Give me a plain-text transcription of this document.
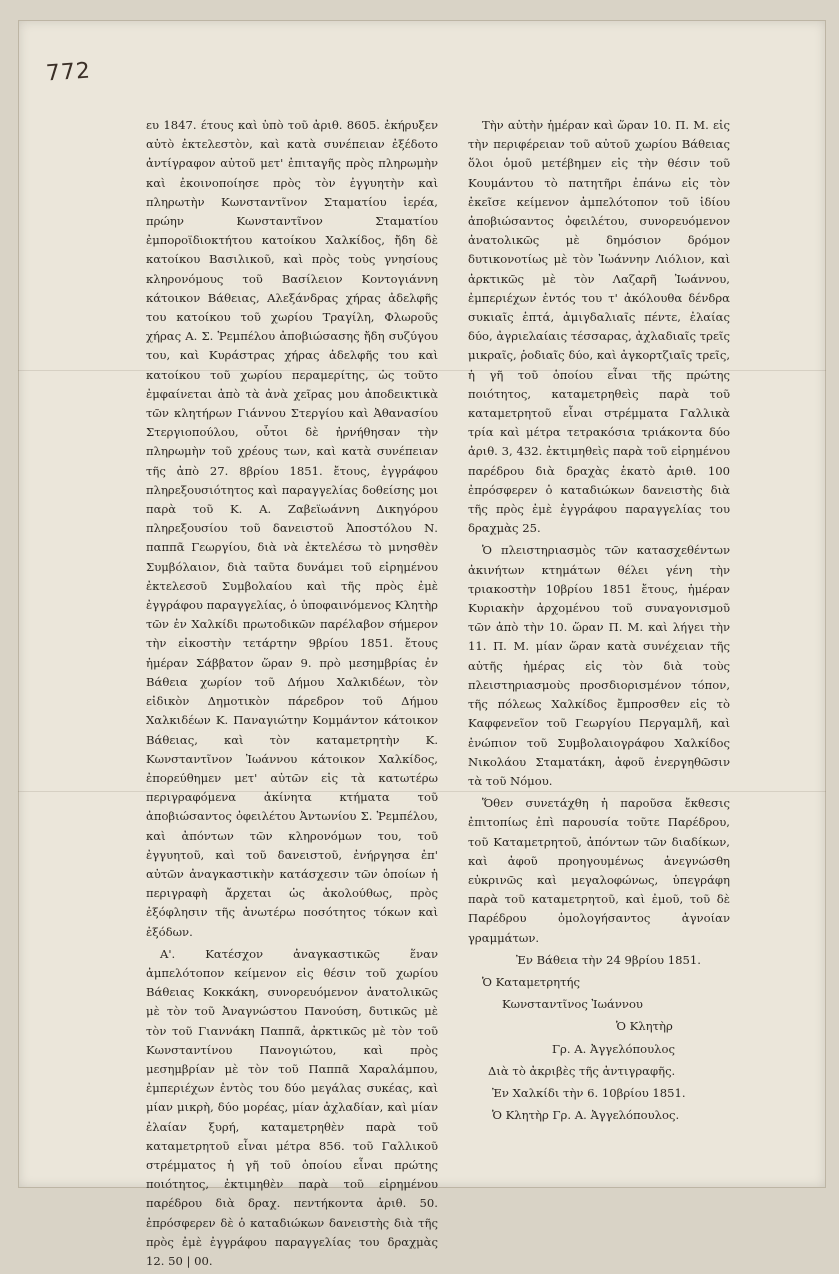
772

ευ 1847. έτους καὶ ὑπὸ τοῦ ἀριθ. 8605. ἐκήρυξεν αὐτὸ ἐκτελεστὸν, καὶ κατὰ συνέπειαν ἐξέδοτο ἀντίγραφον αὐτοῦ μετ' ἐπιταγῆς πρὸς πληρωμὴν καὶ ἐκοινοποίησε πρὸς τὸν ἐγγυητὴν καὶ πληρωτὴν Κωνσταντῖνον Σταματίου ἱερέα, πρώην Κωνσταντῖνον Σταματίου ἐμποροϊδιοκτήτου κατοίκου Χαλκίδος, ἤδη δὲ κατοίκου Βασιλικοῦ, καὶ πρὸς τοὺς γνησίους κληρονόμους τοῦ Βασίλειον Κοντογιάννη κάτοικον Βάθειας, Αλεξάνδρας χήρας ἀδελφῆς του κατοίκου τοῦ χωρίου Τραγίλη, Φλωροῦς χήρας Α. Σ. Ῥεμπέλου ἀποβιώσασης ἤδη συζύγου του, καὶ Κυράστρας χήρας ἀδελφῆς του καὶ κατοίκου τοῦ χωρίου περαμερίτης, ὡς τοῦτο ἐμφαίνεται ἀπὸ τὰ ἀνὰ χεῖρας μου ἀποδεικτικὰ τῶν κλητήρων Γιάννου Στεργίου καὶ Ἀθανασίου Στεργιοπούλου, οὗτοι δὲ ἠρνήθησαν τὴν πληρωμὴν τοῦ χρέους των, καὶ κατὰ συνέπειαν τῆς ἀπὸ 27. 8βρίου 1851. ἔτους, ἐγγράφου πληρεξουσιότητος καὶ παραγγελίας δοθείσης μοι παρὰ τοῦ Κ. Α. Ζαβεϊωάννη Δικηγόρου πληρεξουσίου τοῦ δανειστοῦ Ἀποστόλου Ν. παππᾶ Γεωργίου, διὰ νὰ ἐκτελέσω τὸ μνησθὲν Συμβόλαιον, διὰ ταῦτα δυνάμει τοῦ εἰρημένου ἐκτελεσοῦ Συμβολαίου καὶ τῆς πρὸς ἐμὲ ἐγγράφου παραγγελίας, ὁ ὑποφαινόμενος Κλητὴρ τῶν ἐν Χαλκίδι πρωτοδικῶν παρέλαβον σήμερον τὴν εἰκοστὴν τετάρτην 9βρίου 1851. ἔτους ἡμέραν Σάββατον ὥραν 9. πρὸ μεσημβρίας ἐν Βάθεια χωρίον τοῦ Δήμου Χαλκιδέων, τὸν εἰδικὸν Δημοτικὸν πάρεδρον τοῦ Δήμου Χαλκιδέων Κ. Παναγιώτην Κομμάντον κάτοικον Βάθειας, καὶ τὸν καταμετρητὴν Κ. Κωνσταντῖνον Ἰωάννου κάτοικον Χαλκίδος, ἐπορεύθημεν μετ' αὐτῶν εἰς τὰ κατωτέρω περιγραφόμενα ἀκίνητα κτήματα τοῦ ἀποβιώσαντος ὀφειλέτου Ἀντωνίου Σ. Ῥεμπέλου, καὶ ἀπόντων τῶν κληρονόμων του, τοῦ ἐγγυητοῦ, καὶ τοῦ δανειστοῦ, ἐνήργησα ἐπ' αὐτῶν ἀναγκαστικὴν κατάσχεσιν τῶν ὁποίων ἡ περιγραφὴ ἄρχεται ὡς ἀκολούθως, πρὸς ἐξόφλησιν τῆς ἀνωτέρω ποσότητος τόκων καὶ ἐξόδων.

Α'. Κατέσχον ἀναγκαστικῶς ἕναν ἀμπελότοπον κείμενον εἰς θέσιν τοῦ χωρίου Βάθειας Κοκκάκη, συνορευόμενον ἀνατολικῶς μὲ τὸν τοῦ Ἀναγνώστου Πανούση, δυτικῶς μὲ τὸν τοῦ Γιαννάκη Παππᾶ, ἀρκτικῶς μὲ τὸν τοῦ Κωνσταντίνου Πανογιώτου, καὶ πρὸς μεσημβρίαν μὲ τὸν τοῦ Παππᾶ Χαραλάμπου, ἐμπεριέχων ἐντὸς του δύο μεγάλας συκέας, καὶ μίαν μικρὴ, δύο μορέας, μίαν ἀχλαδίαν, καὶ μίαν ἐλαίαν ξυρή, καταμετρηθὲν παρὰ τοῦ καταμετρητοῦ εἶναι μέτρα 856. τοῦ Γαλλικοῦ στρέμματος ἡ γῆ τοῦ ὁποίου εἶναι πρώτης ποιότητος, ἐκτιμηθὲν παρὰ τοῦ εἰρημένου παρέδρου διὰ δραχ. πεντήκοντα ἀριθ. 50. ἐπρόσφερεν δὲ ὁ καταδιώκων δανειστὴς διὰ τῆς πρὸς ἐμὲ ἐγγράφου παραγγελίας του δραχμὰς 12. 50 | 00.

Τὴν αὐτὴν ἡμέραν καὶ ὥραν 10. Π. Μ. εἰς τὴν περιφέρειαν τοῦ αὐτοῦ χωρίου Βάθειας ὅλοι ὁμοῦ μετέβημεν εἰς τὴν θέσιν τοῦ Κουμάντου τὸ πατητῆρι ἐπάνω εἰς τὸν ἐκεῖσε κείμενον ἀμπελότοπον τοῦ ἰδίου ἀποβιώσαντος ὀφειλέτου, συνορευόμενον ἀνατολικῶς μὲ δημόσιον δρόμον δυτικονοτίως μὲ τὸν Ἰωάννην Λιόλιον, καὶ ἀρκτικῶς μὲ τὸν Λαζαρῆ Ἰωάννου, ἐμπεριέχων ἐντός του τ' ἀκόλουθα δένδρα συκιαῖς ἑπτά, ἀμιγδαλιαῖς πέντε, ἐλαίας δύο, ἀγριελαίαις τέσσαρας, ἀχλαδιαῖς τρεῖς μικραῖς, ῥοδιαῖς δύο, καὶ ἀγκορτζιαῖς τρεῖς, ἡ γῆ τοῦ ὁποίου εἶναι τῆς πρώτης ποιότητος, καταμετρηθεὶς παρὰ τοῦ καταμετρητοῦ εἶναι στρέμματα Γαλλικὰ τρία καὶ μέτρα τετρακόσια τριάκοντα δύο ἀριθ. 3, 432. ἐκτιμηθεὶς παρὰ τοῦ εἰρημένου παρέδρου διὰ δραχὰς ἑκατὸ ἀριθ. 100 ἐπρόσφερεν ὁ καταδιώκων δανειστὴς διὰ τῆς πρὸς ἐμὲ ἐγγράφου παραγγελίας του δραχμὰς 25.

Ὁ πλειστηριασμὸς τῶν κατασχεθέντων ἀκινήτων κτημάτων θέλει γένη τὴν τριακοστὴν 10βρίου 1851 ἔτους, ἡμέραν Κυριακὴν ἀρχομένου τοῦ συναγονισμοῦ τῶν ἀπὸ τὴν 10. ὥραν Π. Μ. καὶ λήγει τὴν 11. Π. Μ. μίαν ὥραν κατὰ συνέχειαν τῆς αὐτῆς ἡμέρας εἰς τὸν διὰ τοὺς πλειστηριασμοὺς προσδιορισμένον τόπον, τῆς πόλεως Χαλκίδος ἔμπροσθεν εἰς τὸ Καφφενεῖον τοῦ Γεωργίου Περγαμλῆ, καὶ ἐνώπιον τοῦ Συμβολαιογράφου Χαλκίδος Νικολάου Σταματάκη, ἀφοῦ ἐνεργηθῶσιν τὰ τοῦ Νόμου.

Ὅθεν συνετάχθη ἡ παροῦσα ἔκθεσις ἐπιτοπίως ἐπὶ παρουσία τοῦτε Παρέδρου, τοῦ Καταμετρητοῦ, ἀπόντων τῶν διαδίκων, καὶ ἀφοῦ προηγουμένως ἀνεγνώσθη εὐκρινῶς καὶ μεγαλοφώνως, ὑπεγράφη παρὰ τοῦ καταμετρητοῦ, καὶ ἐμοῦ, τοῦ δὲ Παρέδρου ὁμολογήσαντος ἀγνοίαν γραμμάτων.

Ἐν Βάθεια τὴν 24 9βρίου 1851.

Ὁ Καταμετρητής

Κωνσταντῖνος Ἰωάννου

Ὁ Κλητὴρ

Γρ. Α. Ἀγγελόπουλος

Διὰ τὸ ἀκριβὲς τῆς ἀντιγραφῆς.

Ἐν Χαλκίδι τὴν 6. 10βρίου 1851.

Ὁ Κλητὴρ Γρ. Α. Ἀγγελόπουλος.
